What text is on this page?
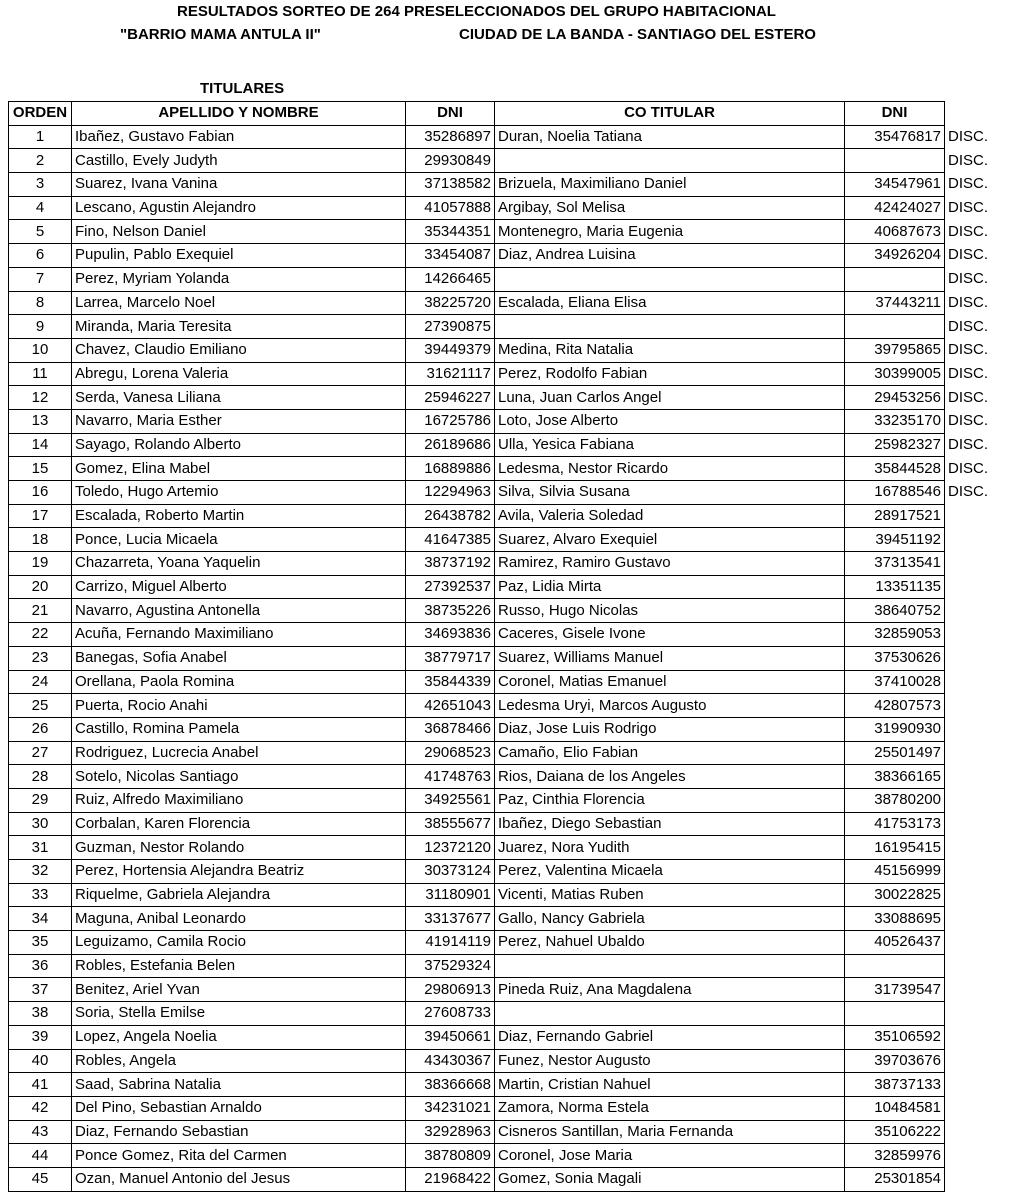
RESULTADOS SORTEO DE 264 PRESELECCIONADOS DEL GRUPO HABITACIONAL
"BARRIO MAMA ANTULA II"	CIUDAD DE LA BANDA - SANTIAGO DEL ESTERO
TITULARES
ORDEN	APELLIDO Y NOMBRE	DNI	CO TITULAR	DNI	
1	Ibañez, Gustavo Fabian	35286897	Duran, Noelia Tatiana	35476817	DISC.
2	Castillo, Evely Judyth	29930849			DISC.
3	Suarez, Ivana Vanina	37138582	Brizuela, Maximiliano Daniel	34547961	DISC.
4	Lescano, Agustin Alejandro	41057888	Argibay, Sol Melisa	42424027	DISC.
5	Fino, Nelson Daniel	35344351	Montenegro, Maria Eugenia	40687673	DISC.
6	Pupulin, Pablo Exequiel	33454087	Diaz, Andrea Luisina	34926204	DISC.
7	Perez, Myriam Yolanda	14266465			DISC.
8	Larrea, Marcelo Noel	38225720	Escalada, Eliana Elisa	37443211	DISC.
9	Miranda, Maria Teresita	27390875			DISC.
10	Chavez, Claudio Emiliano	39449379	Medina, Rita Natalia	39795865	DISC.
11	Abregu, Lorena Valeria	31621117	Perez, Rodolfo Fabian	30399005	DISC.
12	Serda, Vanesa Liliana	25946227	Luna, Juan Carlos Angel	29453256	DISC.
13	Navarro, Maria Esther	16725786	Loto, Jose Alberto	33235170	DISC.
14	Sayago, Rolando Alberto	26189686	Ulla, Yesica Fabiana	25982327	DISC.
15	Gomez, Elina Mabel	16889886	Ledesma, Nestor Ricardo	35844528	DISC.
16	Toledo, Hugo Artemio	12294963	Silva, Silvia Susana	16788546	DISC.
17	Escalada, Roberto Martin	26438782	Avila, Valeria Soledad	28917521	
18	Ponce, Lucia Micaela	41647385	Suarez, Alvaro Exequiel	39451192	
19	Chazarreta, Yoana Yaquelin	38737192	Ramirez, Ramiro Gustavo	37313541	
20	Carrizo, Miguel Alberto	27392537	Paz, Lidia Mirta	13351135	
21	Navarro, Agustina Antonella	38735226	Russo, Hugo Nicolas	38640752	
22	Acuña, Fernando Maximiliano	34693836	Caceres, Gisele Ivone	32859053	
23	Banegas, Sofia Anabel	38779717	Suarez, Williams Manuel	37530626	
24	Orellana, Paola Romina	35844339	Coronel, Matias Emanuel	37410028	
25	Puerta, Rocio Anahi	42651043	Ledesma Uryi, Marcos Augusto	42807573	
26	Castillo, Romina Pamela	36878466	Diaz, Jose Luis Rodrigo	31990930	
27	Rodriguez, Lucrecia Anabel	29068523	Camaño, Elio Fabian	25501497	
28	Sotelo, Nicolas Santiago	41748763	Rios, Daiana de los Angeles	38366165	
29	Ruiz, Alfredo Maximiliano	34925561	Paz, Cinthia Florencia	38780200	
30	Corbalan, Karen Florencia	38555677	Ibañez, Diego Sebastian	41753173	
31	Guzman, Nestor Rolando	12372120	Juarez, Nora Yudith	16195415	
32	Perez, Hortensia Alejandra Beatriz	30373124	Perez, Valentina Micaela	45156999	
33	Riquelme, Gabriela Alejandra	31180901	Vicenti, Matias Ruben	30022825	
34	Maguna, Anibal Leonardo	33137677	Gallo, Nancy Gabriela	33088695	
35	Leguizamo, Camila Rocio	41914119	Perez, Nahuel Ubaldo	40526437	
36	Robles, Estefania Belen	37529324			
37	Benitez, Ariel Yvan	29806913	Pineda Ruiz, Ana Magdalena	31739547	
38	Soria, Stella Emilse	27608733			
39	Lopez, Angela Noelia	39450661	Diaz, Fernando Gabriel	35106592	
40	Robles, Angela	43430367	Funez, Nestor Augusto	39703676	
41	Saad, Sabrina Natalia	38366668	Martin, Cristian Nahuel	38737133	
42	Del Pino, Sebastian Arnaldo	34231021	Zamora, Norma Estela	10484581	
43	Diaz, Fernando Sebastian	32928963	Cisneros Santillan, Maria Fernanda	35106222	
44	Ponce Gomez, Rita del Carmen	38780809	Coronel, Jose Maria	32859976	
45	Ozan, Manuel Antonio del Jesus	21968422	Gomez, Sonia Magali	25301854	
